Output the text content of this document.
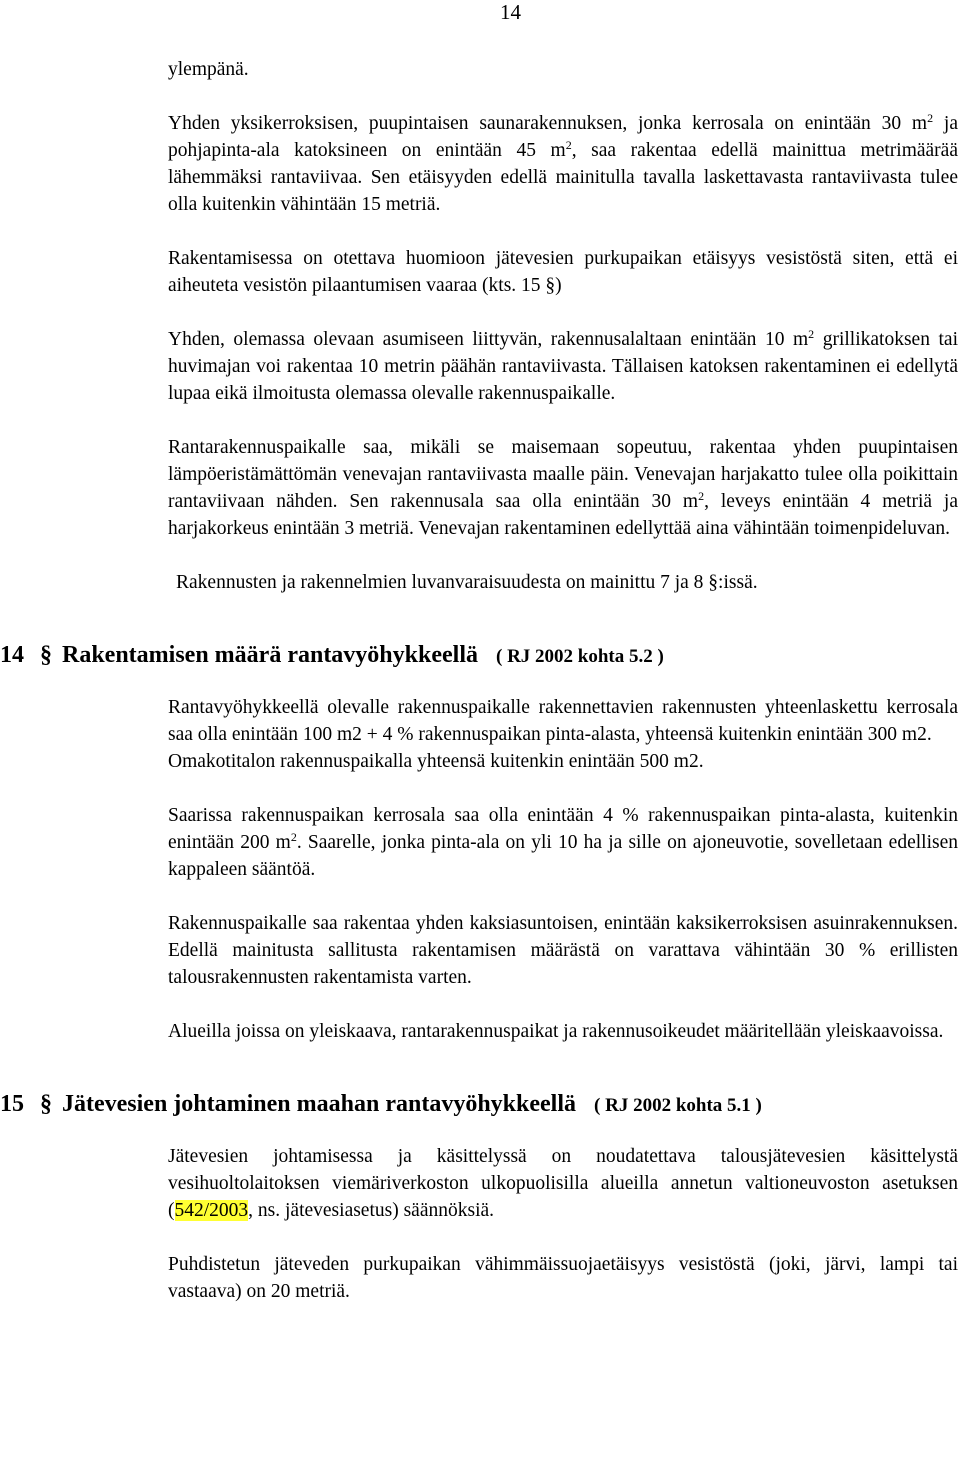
14

ylempänä.

Yhden yksikerroksisen, puupintaisen saunarakennuksen, jonka kerrosala on enintään 30 $m^2$ ja pohjapinta-ala katoksineen on enintään 45 $m^2$, saa rakentaa edellä mainittua metrimäärää lähemmäksi rantaviivaa. Sen etäisyyden edellä mainitulla tavalla laskettavasta rantaviivasta tulee olla kuitenkin vähintään 15 metriä.

Rakentamisessa on otettava huomioon jätevesien purkupaikan etäisyys vesistöstä siten, että ei aiheuteta vesistön pilaantumisen vaaraa (kts. 15 §)

Yhden, olemassa olevaan asumiseen liittyvän, rakennusalaltaan enintään 10 $m^2$ grillikatoksen tai huvimajan voi rakentaa 10 metrin päähän rantaviivasta. Tällaisen katoksen rakentaminen ei edellytä lupaa eikä ilmoitusta olemassa olevalle rakennuspaikalle.

Rantarakennuspaikalle saa, mikäli se maisemaan sopeutuu, rakentaa yhden puupintaisen lämpöeristämättömän venevajan rantaviivasta maalle päin. Venevajan harjakatto tulee olla poikittain rantaviivaan nähden. Sen rakennusala saa olla enintään 30 $m^2$, leveys enintään 4 metriä ja harjakorkeus enintään 3 metriä. Venevajan rakentaminen edellyttää aina vähintään toimenpideluvan.

Rakennusten ja rakennelmien luvanvaraisuudesta on mainittu 7 ja 8 §:issä.

14 § Rakentamisen määrä rantavyöhykkeellä ( RJ 2002 kohta 5.2 )

Rantavyöhykkeellä olevalle rakennuspaikalle rakennettavien rakennusten yhteenlaskettu kerrosala saa olla enintään 100 m2 + 4 % rakennuspaikan pinta-alasta, yhteensä kuitenkin enintään 300 m2.

Omakotitalon rakennuspaikalla yhteensä kuitenkin enintään 500 m2.

Saarissa rakennuspaikan kerrosala saa olla enintään 4 % rakennuspaikan pinta-alasta, kuitenkin enintään 200 $m^2$. Saarelle, jonka pinta-ala on yli 10 ha ja sille on ajoneuvotie, sovelletaan edellisen kappaleen sääntöä.

Rakennuspaikalle saa rakentaa yhden kaksiasuntoisen, enintään kaksikerroksisen asuinrakennuksen. Edellä mainitusta sallitusta rakentamisen määrästä on varattava vähintään 30 % erillisten talousrakennusten rakentamista varten.

Alueilla joissa on yleiskaava, rantarakennuspaikat ja rakennusoikeudet määritellään yleiskaavoissa.

15 § Jätevesien johtaminen maahan rantavyöhykkeellä ( RJ 2002 kohta 5.1 )

Jätevesien johtamisessa ja käsittelyssä on noudatettava talousjätevesien käsittelystä vesihuoltolaitoksen viemäriverkoston ulkopuolisilla alueilla annetun valtioneuvoston asetuksen (542/2003, ns. jätevesiasetus) säännöksiä.

Puhdistetun jäteveden purkupaikan vähimmäissuojaetäisyys vesistöstä (joki, järvi, lampi tai vastaava) on 20 metriä.
